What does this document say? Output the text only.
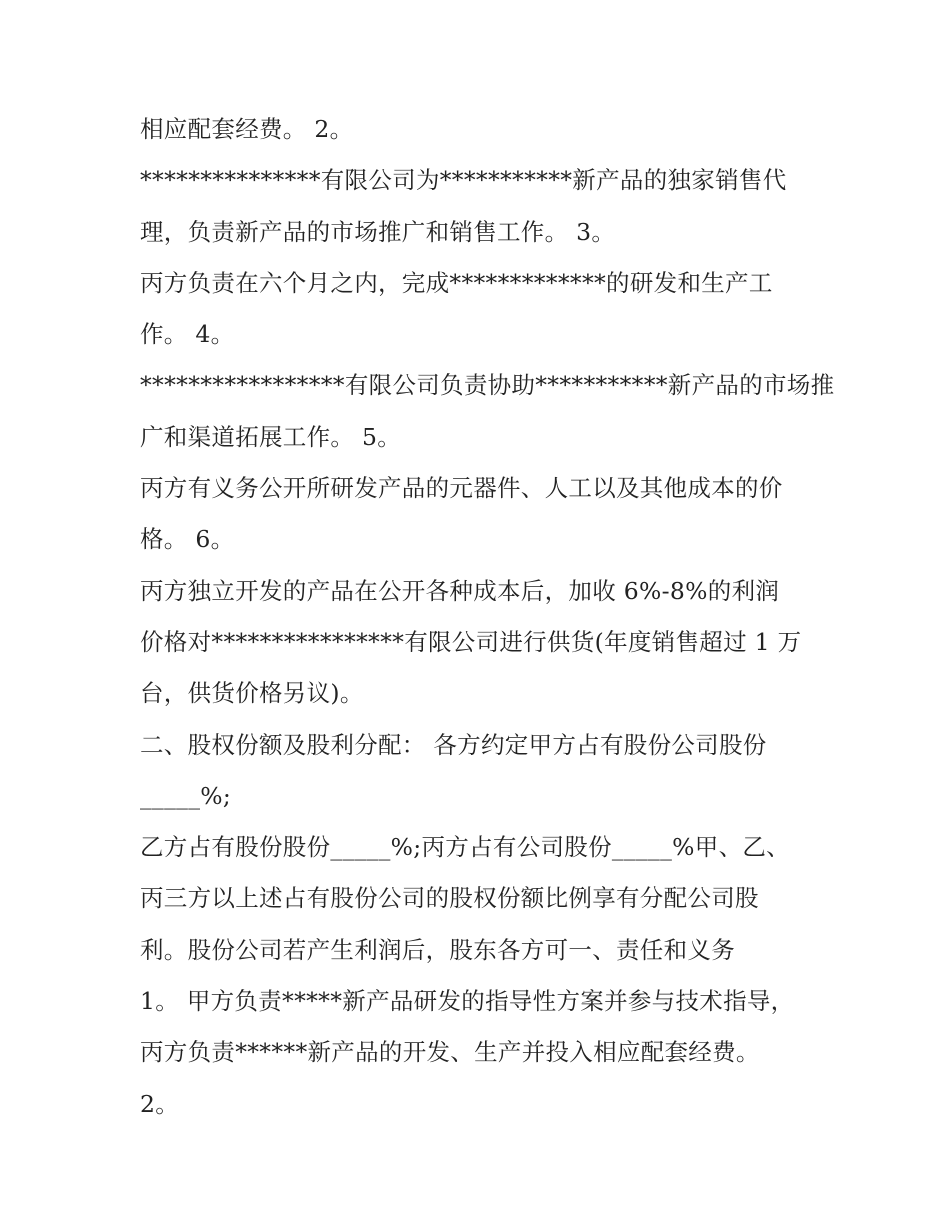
相应配套经费。 2。
***************有限公司为***********新产品的独家销售代
理，负责新产品的市场推广和销售工作。 3。
丙方负责在六个月之内，完成*************的研发和生产工
作。 4。
*****************有限公司负责协助***********新产品的市场推
广和渠道拓展工作。 5。
丙方有义务公开所研发产品的元器件、人工以及其他成本的价
格。 6。
丙方独立开发的产品在公开各种成本后，加收 6%-8%的利润
价格对****************有限公司进行供货(年度销售超过 1 万
台，供货价格另议)。
二、股权份额及股利分配： 各方约定甲方占有股份公司股份
_____%;
乙方占有股份股份_____%;丙方占有公司股份_____%甲、乙、
丙三方以上述占有股份公司的股权份额比例享有分配公司股
利。股份公司若产生利润后，股东各方可一、责任和义务
1。 甲方负责*****新产品研发的指导性方案并参与技术指导，
丙方负责******新产品的开发、生产并投入相应配套经费。
2。
